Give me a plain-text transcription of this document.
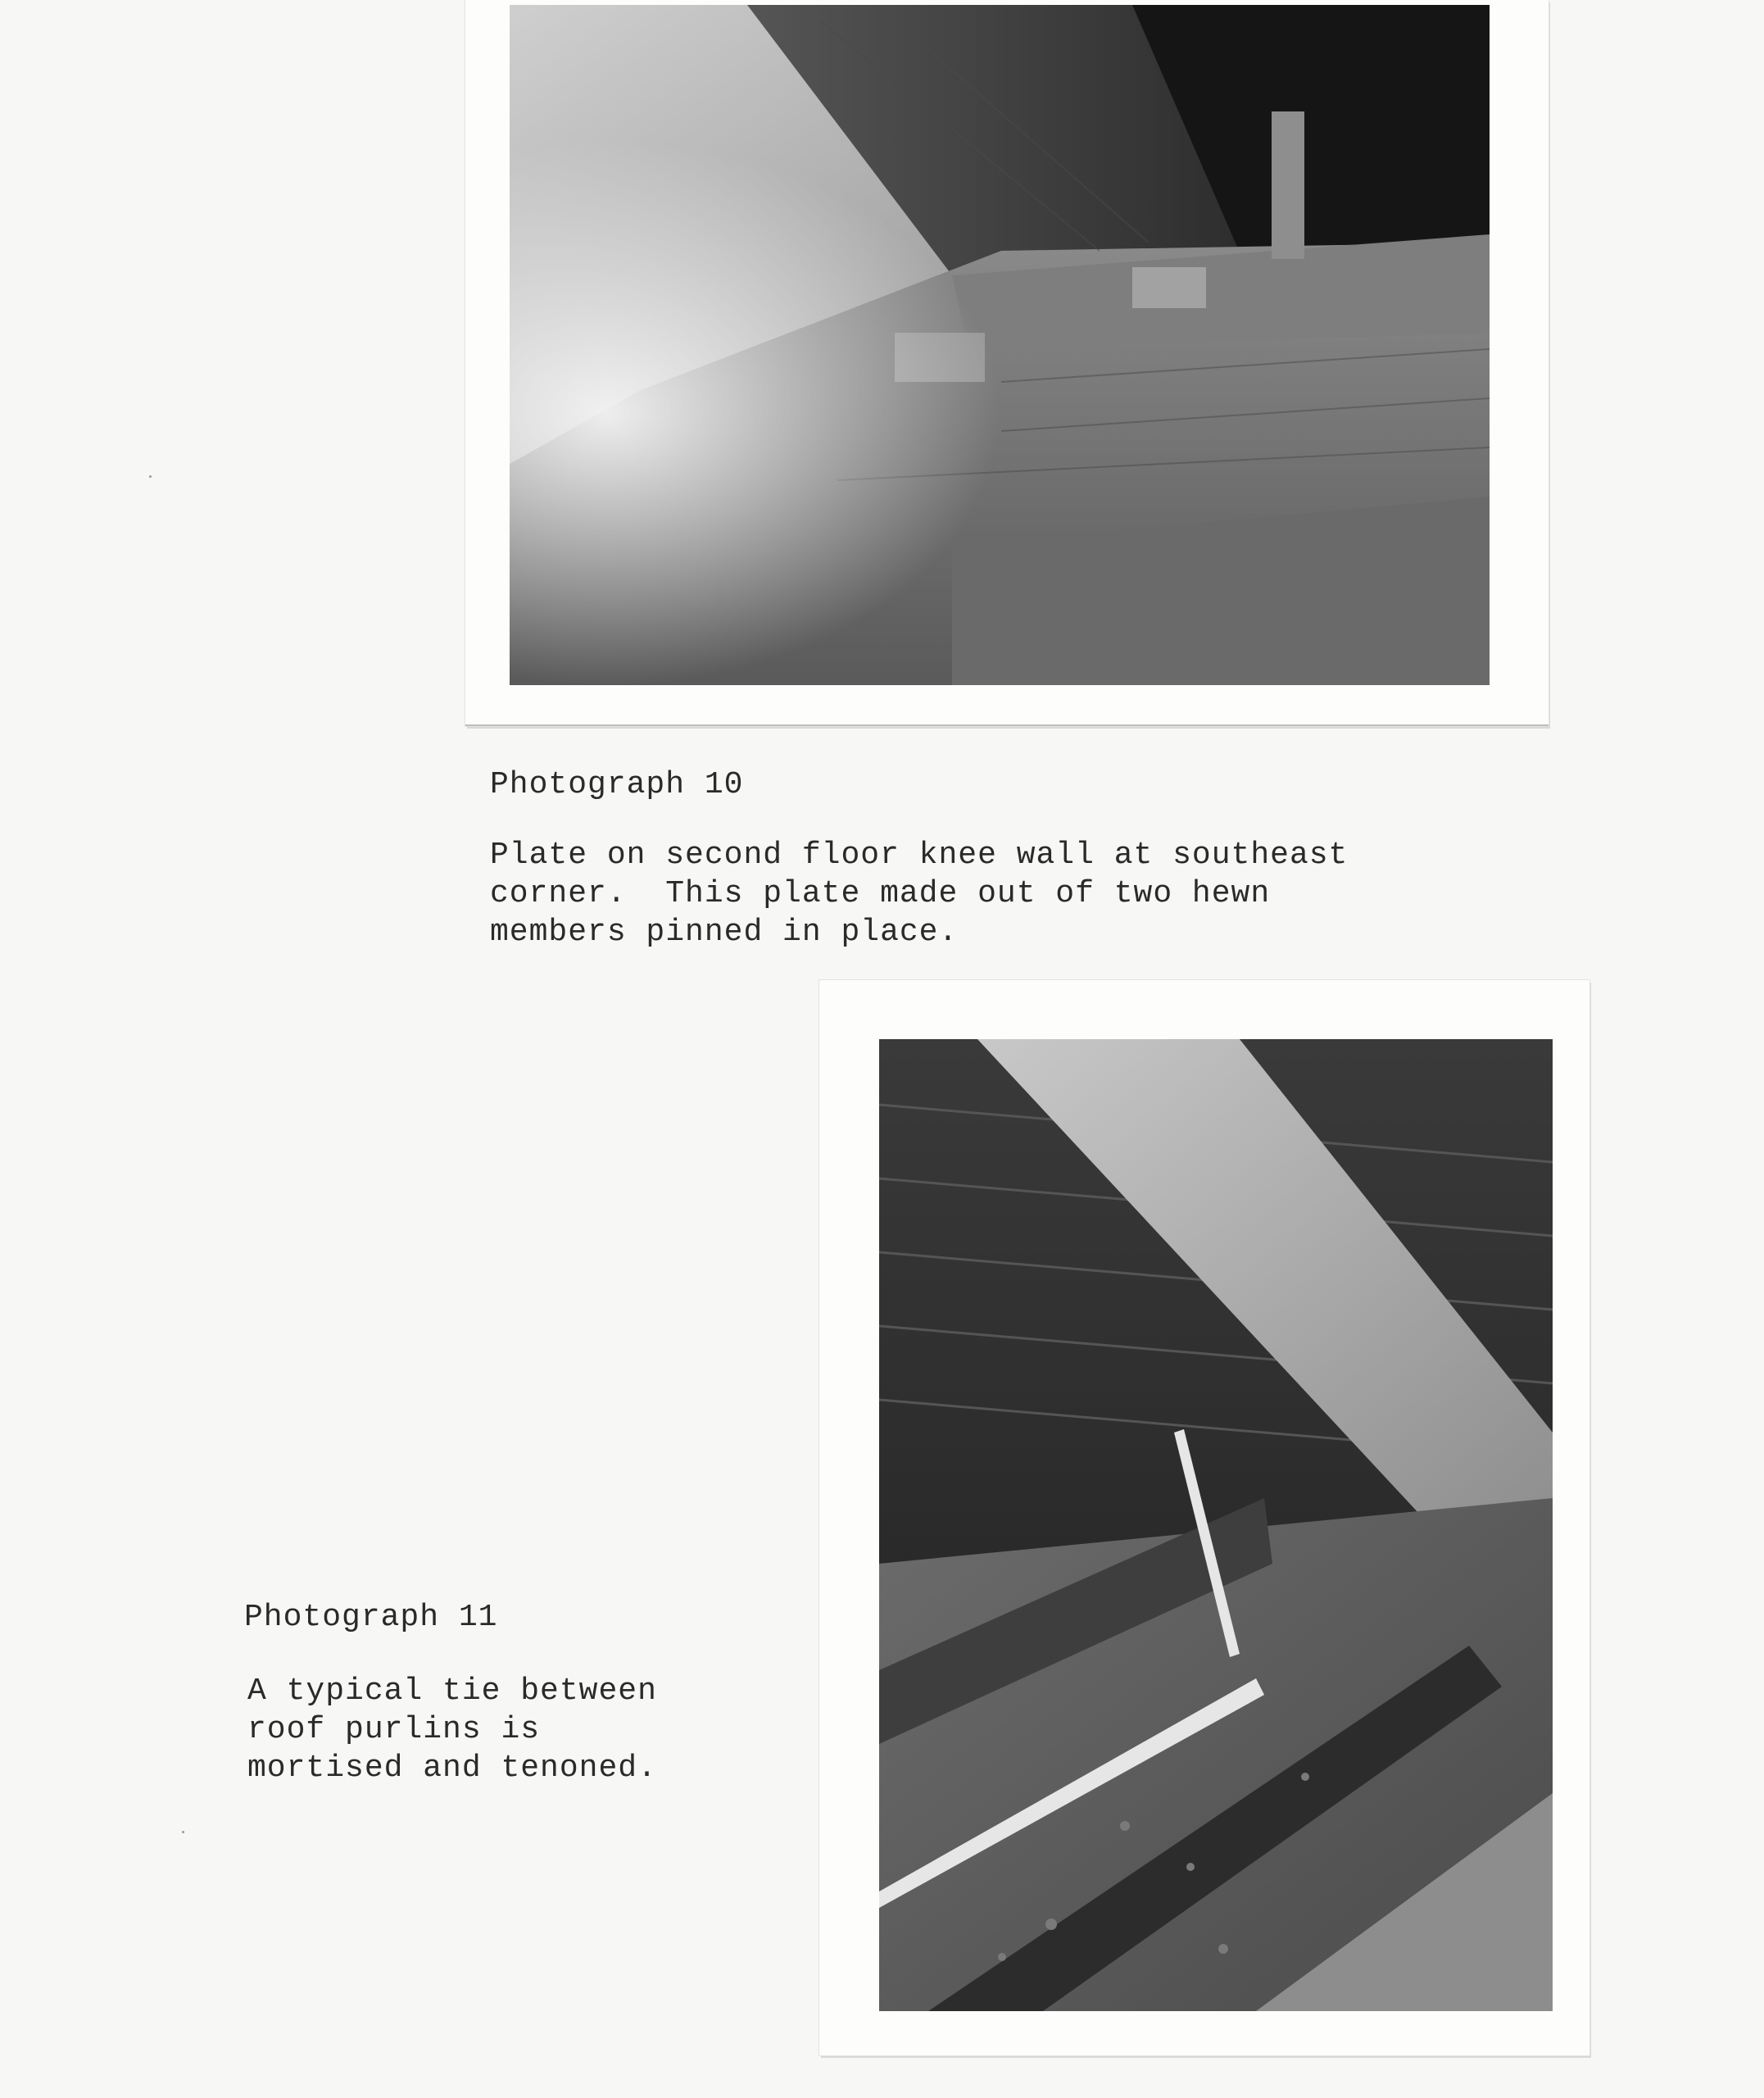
Photograph 10
Plate on second floor knee wall at southeast
corner.  This plate made out of two hewn
members pinned in place.
Photograph 11
A typical tie between
roof purlins is
mortised and tenoned.
